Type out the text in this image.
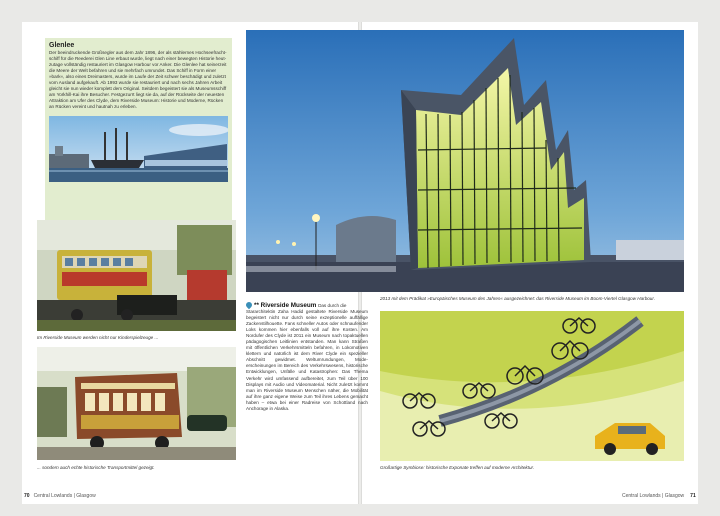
Glenlee

Der beeindruckende Großsegler aus dem Jahr 1896, der als stählernes Hochseefrachtschiff für die Reederei Glen Line erbaut wurde, liegt nach einer bewegten Historie heutzutage vollständig restauriert im Glasgow Harbour vor Anker. Die Glenlee hat seinerzeit die Meere der Welt befahren und sie mehrfach umrundet. Das Schiff in Form einer »bark«, also eines Dreimasters, wurde im Laufe der Zeit schwer beschädigt und zuletzt vom Ausland aufgekauft. Ab 1993 wurde sie restauriert und nach sechs Jahren Arbeit gleicht sie nun wieder komplett dem Original. Seitdem begeistert sie als Museumsschiff am Yorkhill-Kai ihre Besucher. Festgezurrt liegt sie da, auf der Rückseite der neuesten Attraktion am Ufer des Clyde, dem Riverside Museum: Historie und Moderne, Rücken an Rücken vereint und hautnah zu erleben.

Im Riverside Museum werden nicht nur Kinderspielzeuge ...
... sondern auch echte historische Transportmittel gezeigt.
** Riverside Museum Das durch die

Stararchitektin Zaha Hadid gestaltete Riverside Museum begeistert nicht nur durch seine exzeptionelle auffällige Zackenstilhouette. Fans schneller Autos oder schnaufender Loks kommen hier ebenfalls voll auf ihre Kosten. Am Nordufer des Clyde ist 2011 ein Museum nach topaktuellen pädagogischen Leitlinien entstanden. Man kann Straßen mit öffentlichen Verkehrsmitteln befahren, in Lokomotiven klettern und natürlich ist dem River Clyde ein spezieller Abschnitt gewidmet. Weltumrundungen, Modeerscheinungen im Bereich des Verkehrswesens, historische Entwicklungen, Unfälle und Katastrophen: Das Thema Verkehr wird umfassend aufbereitet, zum Teil über 100 Displays mit Audio und Videomaterial. Nicht zuletzt kommt man im Riverside Museum Menschen näher, die Mobilität auf ihre ganz eigene Weise zum Teil ihres Lebens gemacht haben – etwa bei einer Radreise von Schottland nach Anchorage in Alaska.

2013 mit dem Prädikat »Europäisches Museum des Jahres« ausgezeichnet: das Riverside Museum im Boom-Viertel Glasgow Harbour.
Großartige Symbiose: historische Exponate treffen auf moderne Architektur.
70 Central Lowlands | Glasgow	Central Lowlands | Glasgow 71
